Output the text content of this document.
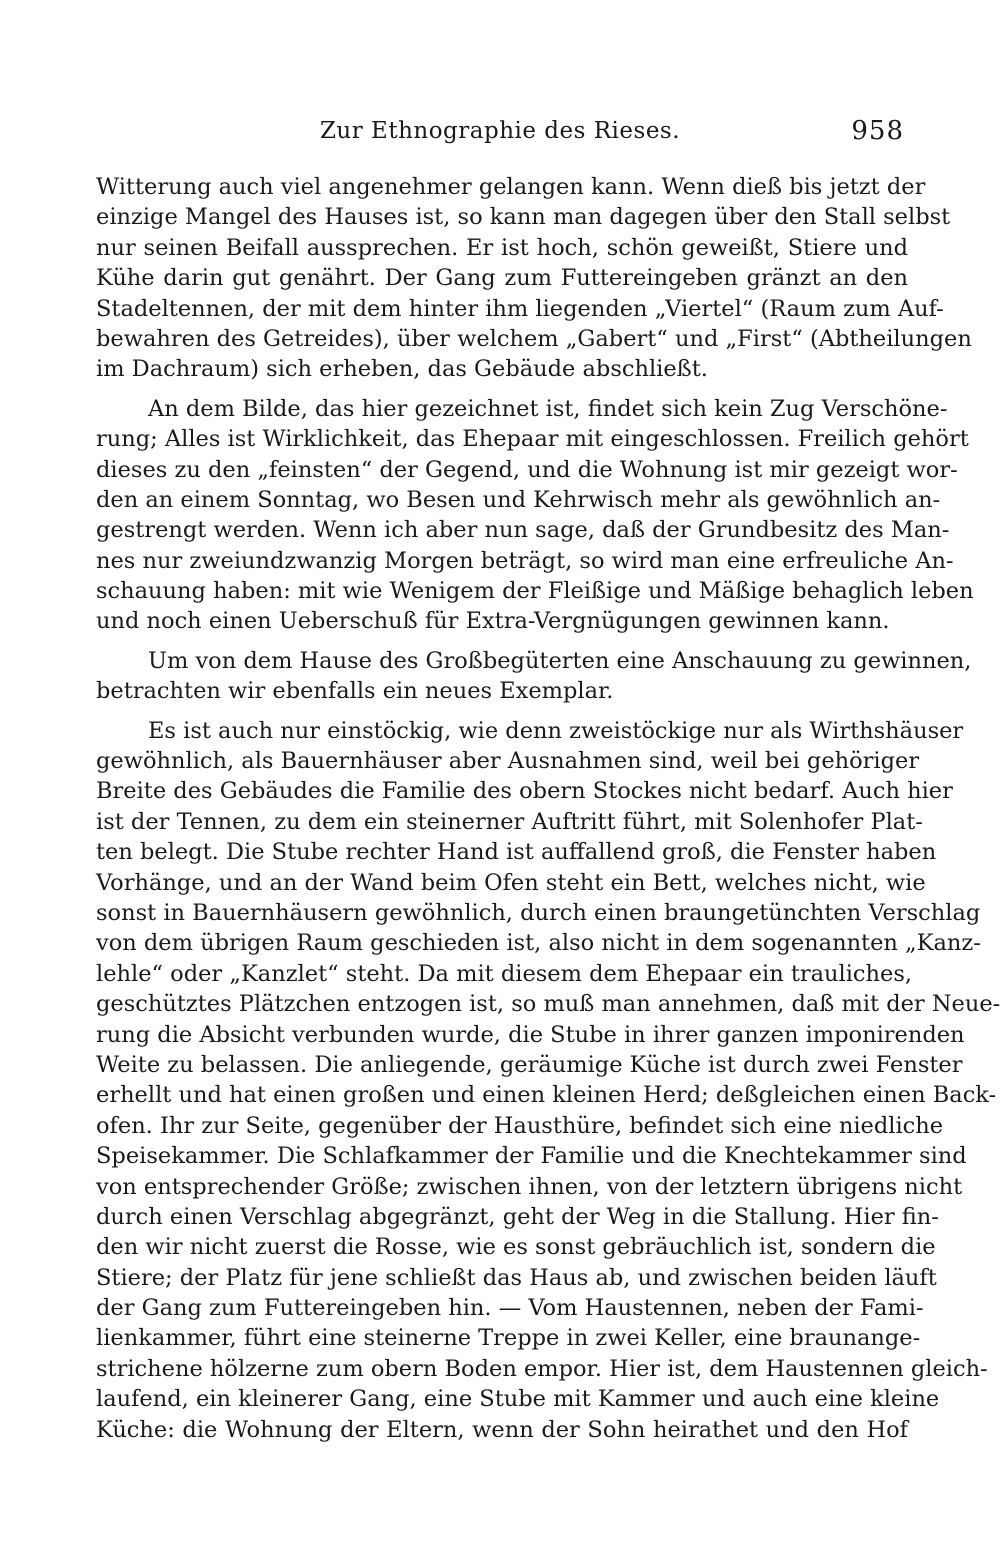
Zur Ethnographie des Rieses.	958
Witterung auch viel angenehmer gelangen kann. Wenn dieß bis jetzt der
einzige Mangel des Hauses ist, so kann man dagegen über den Stall selbst
nur seinen Beifall aussprechen. Er ist hoch, schön geweißt, Stiere und
Kühe darin gut genährt. Der Gang zum Futtereingeben gränzt an den
Stadeltennen, der mit dem hinter ihm liegenden „Viertel“ (Raum zum Auf-
bewahren des Getreides), über welchem „Gabert“ und „First“ (Abtheilungen
im Dachraum) sich erheben, das Gebäude abschließt.
An dem Bilde, das hier gezeichnet ist, findet sich kein Zug Verschöne-
rung; Alles ist Wirklichkeit, das Ehepaar mit eingeschlossen. Freilich gehört
dieses zu den „feinsten“ der Gegend, und die Wohnung ist mir gezeigt wor-
den an einem Sonntag, wo Besen und Kehrwisch mehr als gewöhnlich an-
gestrengt werden. Wenn ich aber nun sage, daß der Grundbesitz des Man-
nes nur zweiundzwanzig Morgen beträgt, so wird man eine erfreuliche An-
schauung haben: mit wie Wenigem der Fleißige und Mäßige behaglich leben
und noch einen Ueberschuß für Extra-Vergnügungen gewinnen kann.
Um von dem Hause des Großbegüterten eine Anschauung zu gewinnen,
betrachten wir ebenfalls ein neues Exemplar.
Es ist auch nur einstöckig, wie denn zweistöckige nur als Wirthshäuser
gewöhnlich, als Bauernhäuser aber Ausnahmen sind, weil bei gehöriger
Breite des Gebäudes die Familie des obern Stockes nicht bedarf. Auch hier
ist der Tennen, zu dem ein steinerner Auftritt führt, mit Solenhofer Plat-
ten belegt. Die Stube rechter Hand ist auffallend groß, die Fenster haben
Vorhänge, und an der Wand beim Ofen steht ein Bett, welches nicht, wie
sonst in Bauernhäusern gewöhnlich, durch einen braungetünchten Verschlag
von dem übrigen Raum geschieden ist, also nicht in dem sogenannten „Kanz-
lehle“ oder „Kanzlet“ steht. Da mit diesem dem Ehepaar ein trauliches,
geschütztes Plätzchen entzogen ist, so muß man annehmen, daß mit der Neue-
rung die Absicht verbunden wurde, die Stube in ihrer ganzen imponirenden
Weite zu belassen. Die anliegende, geräumige Küche ist durch zwei Fenster
erhellt und hat einen großen und einen kleinen Herd; deßgleichen einen Back-
ofen. Ihr zur Seite, gegenüber der Hausthüre, befindet sich eine niedliche
Speisekammer. Die Schlafkammer der Familie und die Knechtekammer sind
von entsprechender Größe; zwischen ihnen, von der letztern übrigens nicht
durch einen Verschlag abgegränzt, geht der Weg in die Stallung. Hier fin-
den wir nicht zuerst die Rosse, wie es sonst gebräuchlich ist, sondern die
Stiere; der Platz für jene schließt das Haus ab, und zwischen beiden läuft
der Gang zum Futtereingeben hin. — Vom Haustennen, neben der Fami-
lienkammer, führt eine steinerne Treppe in zwei Keller, eine braunange-
strichene hölzerne zum obern Boden empor. Hier ist, dem Haustennen gleich-
laufend, ein kleinerer Gang, eine Stube mit Kammer und auch eine kleine
Küche: die Wohnung der Eltern, wenn der Sohn heirathet und den Hof
